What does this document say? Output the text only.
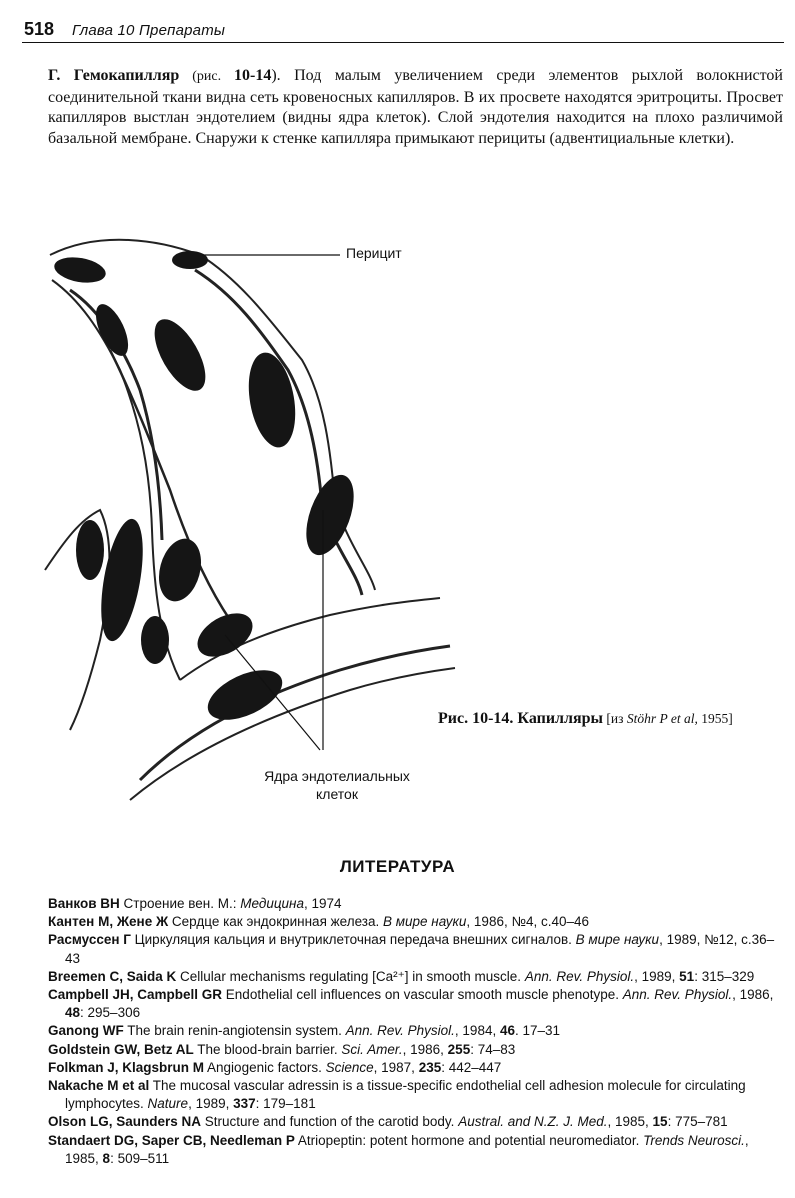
518 Глава 10 Препараты
Г. Гемокапилляр (рис. 10-14). Под малым увеличением среди элементов рыхлой волокнистой соединительной ткани видна сеть кровеносных капилляров. В их просвете находятся эритроциты. Просвет капилляров выстлан эндотелием (видны ядра клеток). Слой эндотелия находится на плохо различимой базальной мембране. Снаружи к стенке капилляра примыкают перициты (адвентициальные клетки).
Перицит
Ядра эндотелиальных
клеток
Рис. 10-14. Капилляры [из Stöhr P et al, 1955]
ЛИТЕРАТУРА
Ванков ВН Строение вен. М.: Медицина, 1974
Кантен М, Жене Ж Сердце как эндокринная железа. В мире науки, 1986, №4, с.40–46
Расмуссен Г Циркуляция кальция и внутриклеточная передача внешних сигналов. В мире науки, 1989, №12, с.36–43
Breemen C, Saida K Cellular mechanisms regulating [Ca²⁺] in smooth muscle. Ann. Rev. Physiol., 1989, 51: 315–329
Campbell JH, Campbell GR Endothelial cell influences on vascular smooth muscle phenotype. Ann. Rev. Physiol., 1986, 48: 295–306
Ganong WF The brain renin-angiotensin system. Ann. Rev. Physiol., 1984, 46. 17–31
Goldstein GW, Betz AL The blood-brain barrier. Sci. Amer., 1986, 255: 74–83
Folkman J, Klagsbrun M Angiogenic factors. Science, 1987, 235: 442–447
Nakache M et al The mucosal vascular adressin is a tissue-specific endothelial cell adhesion molecule for circulating lymphocytes. Nature, 1989, 337: 179–181
Olson LG, Saunders NA Structure and function of the carotid body. Austral. and N.Z. J. Med., 1985, 15: 775–781
Standaert DG, Saper CB, Needleman P Atriopeptin: potent hormone and potential neuromediator. Trends Neurosci., 1985, 8: 509–511
